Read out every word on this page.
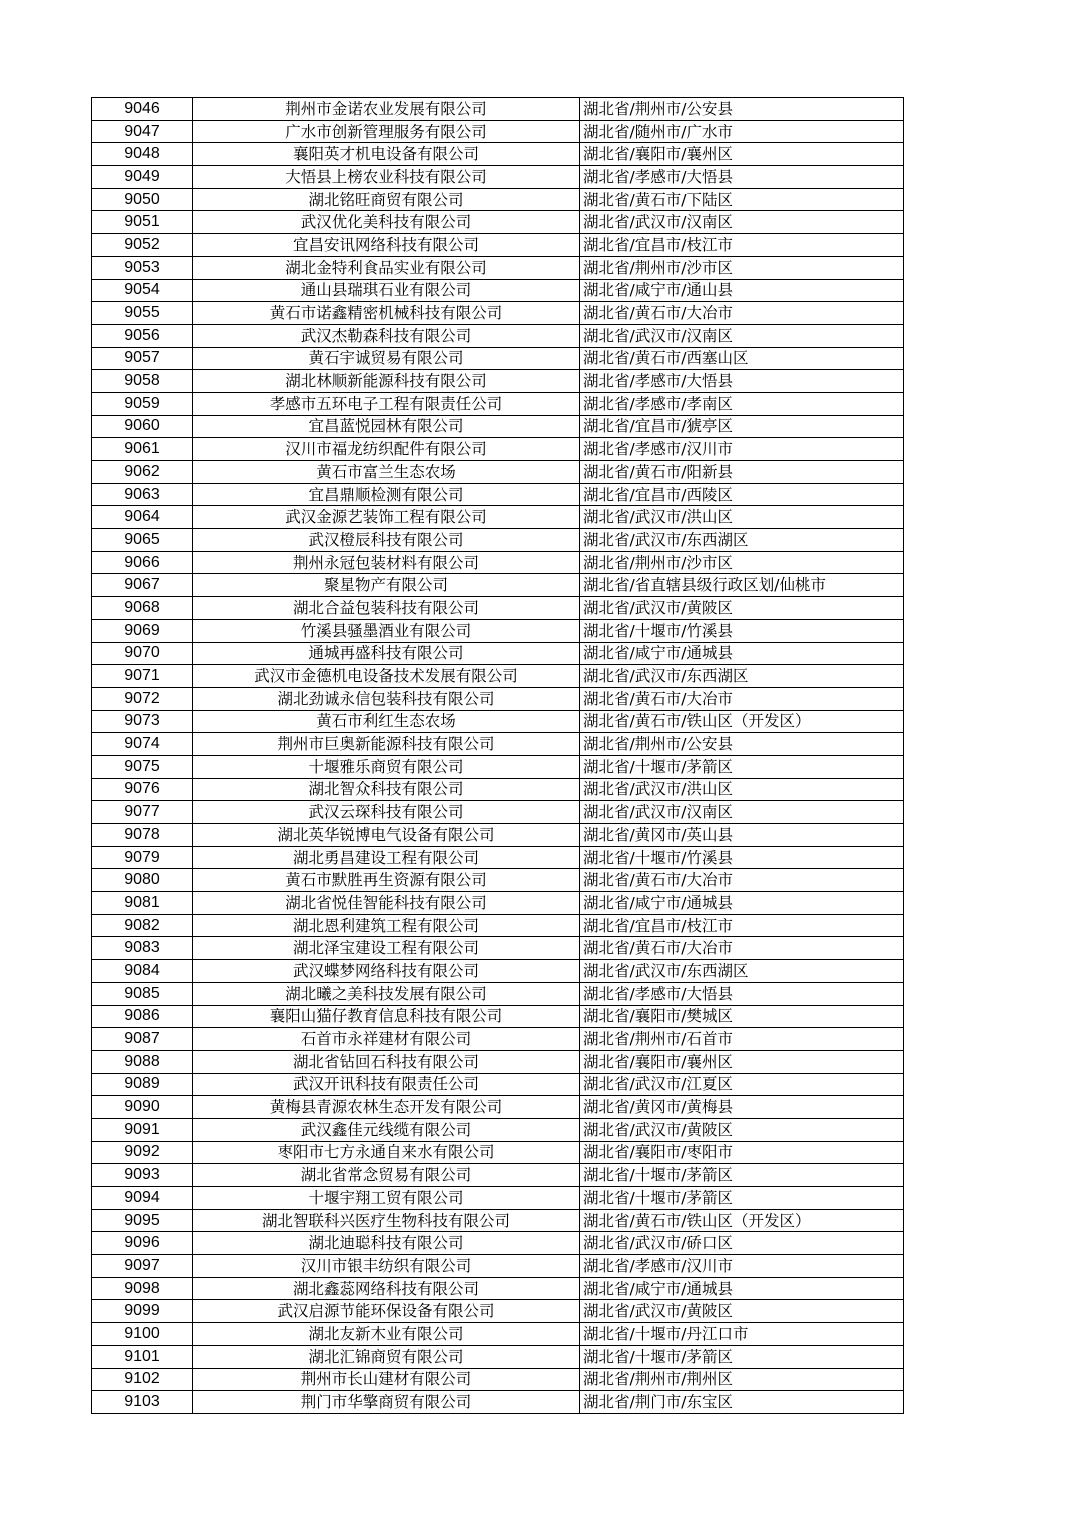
9046	荆州市金诺农业发展有限公司	湖北省/荆州市/公安县
9047	广水市创新管理服务有限公司	湖北省/随州市/广水市
9048	襄阳英才机电设备有限公司	湖北省/襄阳市/襄州区
9049	大悟县上榜农业科技有限公司	湖北省/孝感市/大悟县
9050	湖北铭旺商贸有限公司	湖北省/黄石市/下陆区
9051	武汉优化美科技有限公司	湖北省/武汉市/汉南区
9052	宜昌安讯网络科技有限公司	湖北省/宜昌市/枝江市
9053	湖北金特利食品实业有限公司	湖北省/荆州市/沙市区
9054	通山县瑞琪石业有限公司	湖北省/咸宁市/通山县
9055	黄石市诺鑫精密机械科技有限公司	湖北省/黄石市/大冶市
9056	武汉杰勒森科技有限公司	湖北省/武汉市/汉南区
9057	黄石宇诚贸易有限公司	湖北省/黄石市/西塞山区
9058	湖北林顺新能源科技有限公司	湖北省/孝感市/大悟县
9059	孝感市五环电子工程有限责任公司	湖北省/孝感市/孝南区
9060	宜昌蓝悦园林有限公司	湖北省/宜昌市/猇亭区
9061	汉川市福龙纺织配件有限公司	湖北省/孝感市/汉川市
9062	黄石市富兰生态农场	湖北省/黄石市/阳新县
9063	宜昌鼎顺检测有限公司	湖北省/宜昌市/西陵区
9064	武汉金源艺装饰工程有限公司	湖北省/武汉市/洪山区
9065	武汉橙辰科技有限公司	湖北省/武汉市/东西湖区
9066	荆州永冠包装材料有限公司	湖北省/荆州市/沙市区
9067	聚星物产有限公司	湖北省/省直辖县级行政区划/仙桃市
9068	湖北合益包装科技有限公司	湖北省/武汉市/黄陂区
9069	竹溪县骚墨酒业有限公司	湖北省/十堰市/竹溪县
9070	通城再盛科技有限公司	湖北省/咸宁市/通城县
9071	武汉市金德机电设备技术发展有限公司	湖北省/武汉市/东西湖区
9072	湖北劲诚永信包装科技有限公司	湖北省/黄石市/大冶市
9073	黄石市利红生态农场	湖北省/黄石市/铁山区（开发区）
9074	荆州市巨奥新能源科技有限公司	湖北省/荆州市/公安县
9075	十堰雅乐商贸有限公司	湖北省/十堰市/茅箭区
9076	湖北智众科技有限公司	湖北省/武汉市/洪山区
9077	武汉云琛科技有限公司	湖北省/武汉市/汉南区
9078	湖北英华锐博电气设备有限公司	湖北省/黄冈市/英山县
9079	湖北勇昌建设工程有限公司	湖北省/十堰市/竹溪县
9080	黄石市默胜再生资源有限公司	湖北省/黄石市/大冶市
9081	湖北省悦佳智能科技有限公司	湖北省/咸宁市/通城县
9082	湖北恩利建筑工程有限公司	湖北省/宜昌市/枝江市
9083	湖北泽宝建设工程有限公司	湖北省/黄石市/大冶市
9084	武汉蝶梦网络科技有限公司	湖北省/武汉市/东西湖区
9085	湖北曦之美科技发展有限公司	湖北省/孝感市/大悟县
9086	襄阳山猫仔教育信息科技有限公司	湖北省/襄阳市/樊城区
9087	石首市永祥建材有限公司	湖北省/荆州市/石首市
9088	湖北省钻回石科技有限公司	湖北省/襄阳市/襄州区
9089	武汉开讯科技有限责任公司	湖北省/武汉市/江夏区
9090	黄梅县青源农林生态开发有限公司	湖北省/黄冈市/黄梅县
9091	武汉鑫佳元线缆有限公司	湖北省/武汉市/黄陂区
9092	枣阳市七方永通自来水有限公司	湖北省/襄阳市/枣阳市
9093	湖北省常念贸易有限公司	湖北省/十堰市/茅箭区
9094	十堰宇翔工贸有限公司	湖北省/十堰市/茅箭区
9095	湖北智联科兴医疗生物科技有限公司	湖北省/黄石市/铁山区（开发区）
9096	湖北迪聪科技有限公司	湖北省/武汉市/硚口区
9097	汉川市银丰纺织有限公司	湖北省/孝感市/汉川市
9098	湖北鑫蕊网络科技有限公司	湖北省/咸宁市/通城县
9099	武汉启源节能环保设备有限公司	湖北省/武汉市/黄陂区
9100	湖北友新木业有限公司	湖北省/十堰市/丹江口市
9101	湖北汇锦商贸有限公司	湖北省/十堰市/茅箭区
9102	荆州市长山建材有限公司	湖北省/荆州市/荆州区
9103	荆门市华擎商贸有限公司	湖北省/荆门市/东宝区
